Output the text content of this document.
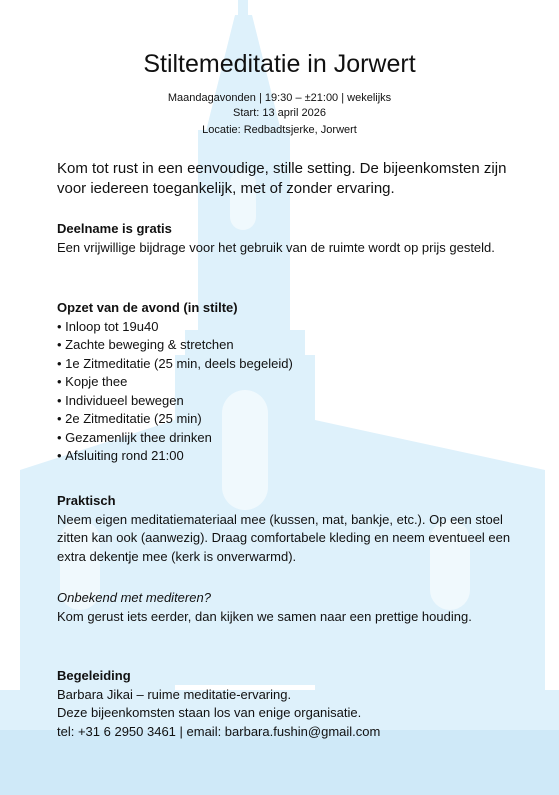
Stiltemeditatie in Jorwert
Maandagavonden | 19:30 – ±21:00 | wekelijks
Start: 13 april 2026
Locatie: Redbadtsjerke, Jorwert

Kom tot rust in een eenvoudige, stille setting. De bijeenkomsten zijn voor iedereen toegankelijk, met of zonder ervaring.

Deelname is gratis

Een vrijwillige bijdrage voor het gebruik van de ruimte wordt op prijs gesteld.

Opzet van de avond (in stilte)
• Inloop tot 19u40
• Zachte beweging & stretchen
• 1e Zitmeditatie (25 min, deels begeleid)
• Kopje thee
• Individueel bewegen
• 2e Zitmeditatie (25 min)
• Gezamenlijk thee drinken
• Afsluiting rond 21:00
Praktisch

Neem eigen meditatiemateriaal mee (kussen, mat, bankje, etc.). Op een stoel zitten kan ook (aanwezig). Draag comfortabele kleding en neem eventueel een extra dekentje mee (kerk is onverwarmd).

Onbekend met mediteren?

Kom gerust iets eerder, dan kijken we samen naar een prettige houding.

Begeleiding

Barbara Jikai – ruime meditatie-ervaring.

Deze bijeenkomsten staan los van enige organisatie.

tel: +31 6 2950 3461 | email: barbara.fushin@gmail.com
